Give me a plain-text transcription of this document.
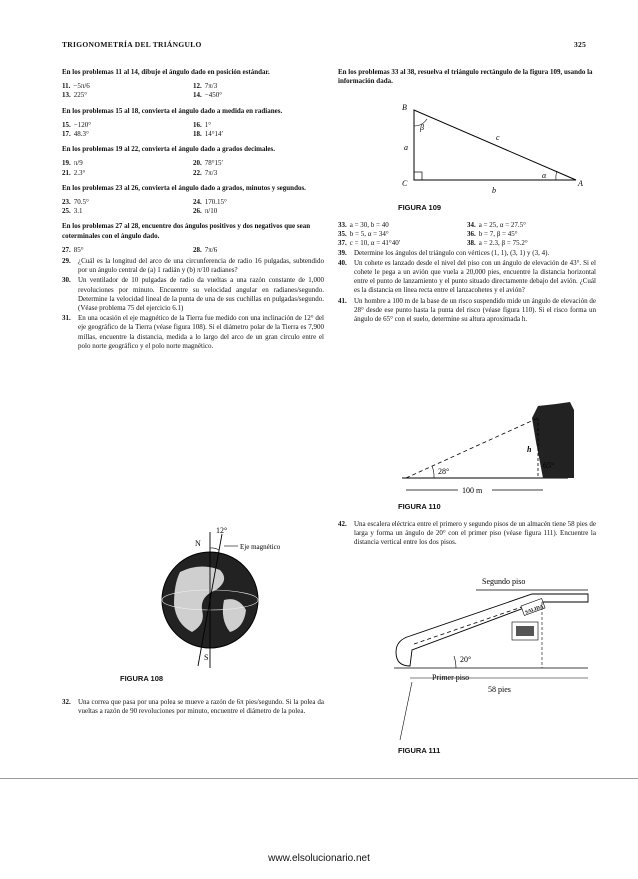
TRIGONOMETRÍA DEL TRIÁNGULO	325

En los problemas 11 al 14, dibuje el ángulo dado en posición estándar.

11. −5π/6	12. 7π/3
13. 225°	14. −450°

En los problemas 15 al 18, convierta el ángulo dado a medida en radianes.

15. −120°	16. 1°
17. 48.3°	18. 14°14′

En los problemas 19 al 22, convierta el ángulo dado a grados decimales.

19. π/9	20. 78°15′
21. 2.3°	22. 7π/3

En los problemas 23 al 26, convierta el ángulo dado a grados, minutos y segundos.

23. 70.5°	24. 170.15°
25. 3.1	26. π/10

En los problemas 27 al 28, encuentre dos ángulos positivos y dos negativos que sean coterminales con el ángulo dado.

27. 85°	28. 7π/6
29.	¿Cuál es la longitud del arco de una circunferencia de radio 16 pulgadas, subtendido por un ángulo central de (a) 1 radián y (b) π/10 radianes?
30.	Un ventilador de 10 pulgadas de radio da vueltas a una razón constante de 1,000 revoluciones por minuto. Encuentre su velocidad angular en radianes/segundo. Determine la velocidad lineal de la punta de una de sus cuchillas en pulgadas/segundo. (Véase problema 75 del ejercicio 6.1)
31.	En una ocasión el eje magnético de la Tierra fue medido con una inclinación de 12° del eje geográfico de la Tierra (véase figura 108). Si el diámetro polar de la Tierra es 7,900 millas, encuentre la distancia, medida a lo largo del arco de un gran círculo entre el polo norte geográfico y el polo norte magnético.
12°
N
S
Eje magnético
FIGURA 108
32.	Una correa que pasa por una polea se mueve a razón de 6π pies/segundo. Si la polea da vueltas a razón de 90 revoluciones por minuto, encuentre el diámetro de la polea.

En los problemas 33 al 38, resuelva el triángulo rectángulo de la figura 109, usando la información dada.

B
C	A
a
b
c
β
α
FIGURA 109
33. a = 30, b = 40	34. a = 25, α = 27.5°
35. b = 5, α = 34°	36. b = 7, β = 45°
37. c = 10, α = 41°40′	38. a = 2.3, β = 75.2°
39.	Determine los ángulos del triángulo con vértices (1, 1), (3, 1) y (3, 4).
40.	Un cohete es lanzado desde el nivel del piso con un ángulo de elevación de 43°. Si el cohete le pega a un avión que vuela a 20,000 pies, encuentre la distancia horizontal entre el punto de lanzamiento y el punto situado directamente debajo del avión. ¿Cuál es la distancia en línea recta entre el lanzacohetes y el avión?
41.	Un hombre a 100 m de la base de un risco suspendido mide un ángulo de elevación de 28° desde ese punto hasta la punta del risco (véase figura 110). Si el risco forma un ángulo de 65° con el suelo, determine su altura aproximada h.
28°
65°
h
100 m
FIGURA 110
42.	Una escalera eléctrica entre el primero y segundo pisos de un almacén tiene 58 pies de larga y forma un ángulo de 20° con el primer piso (véase figura 111). Encuentre la distancia vertical entre los dos pisos.
Segundo piso
SALIDA
20°
Primer piso
58 pies
FIGURA 111
www.elsolucionario.net
